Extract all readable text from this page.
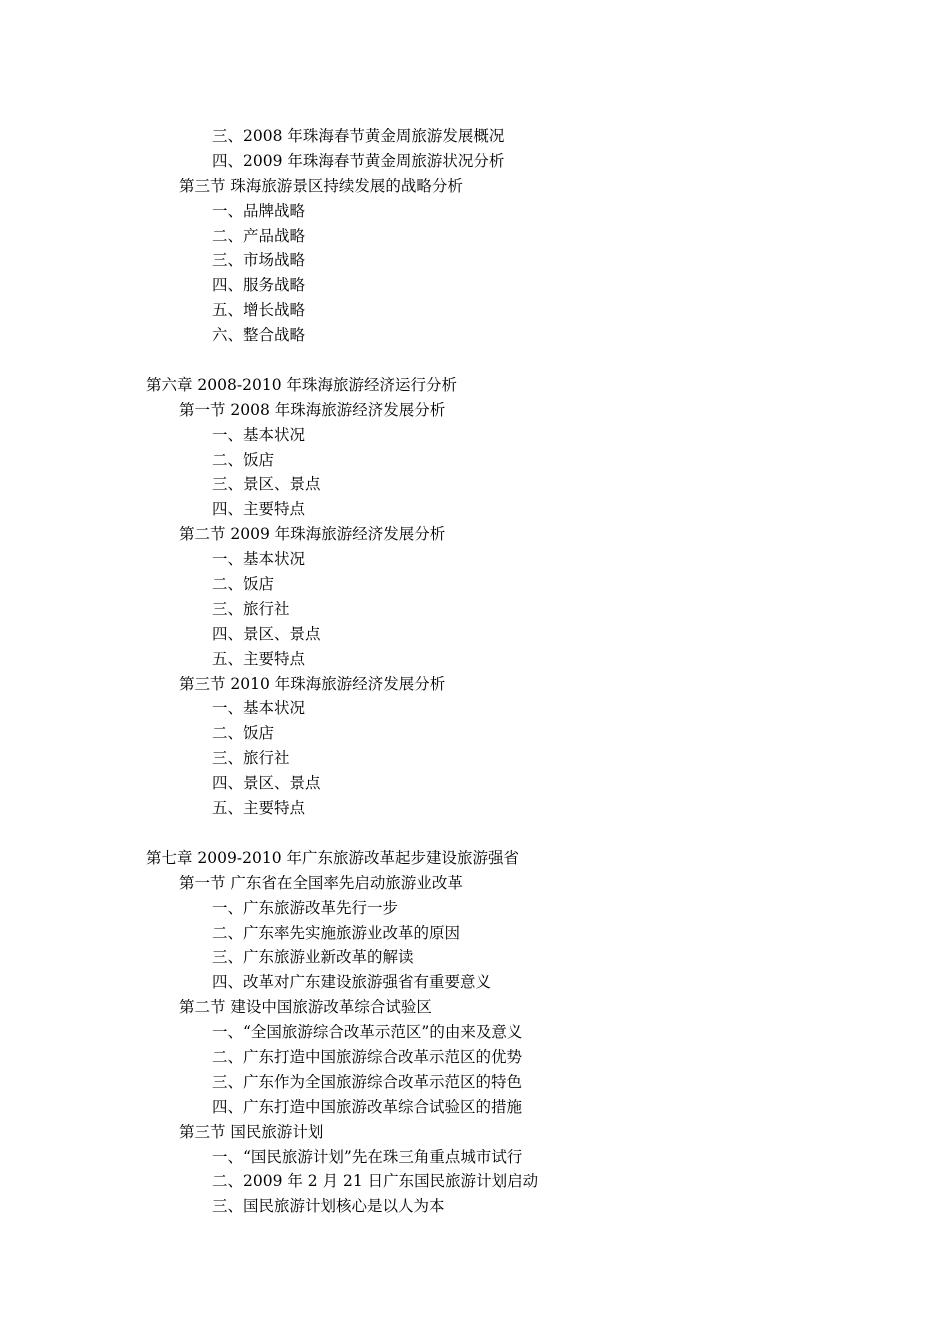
三、2008 年珠海春节黄金周旅游发展概况
四、2009 年珠海春节黄金周旅游状况分析
第三节 珠海旅游景区持续发展的战略分析
一、品牌战略
二、产品战略
三、市场战略
四、服务战略
五、增长战略
六、整合战略
第六章 2008-2010 年珠海旅游经济运行分析
第一节 2008 年珠海旅游经济发展分析
一、基本状况
二、饭店
三、景区、景点
四、主要特点
第二节 2009 年珠海旅游经济发展分析
一、基本状况
二、饭店
三、旅行社
四、景区、景点
五、主要特点
第三节 2010 年珠海旅游经济发展分析
一、基本状况
二、饭店
三、旅行社
四、景区、景点
五、主要特点
第七章 2009-2010 年广东旅游改革起步建设旅游强省
第一节 广东省在全国率先启动旅游业改革
一、广东旅游改革先行一步
二、广东率先实施旅游业改革的原因
三、广东旅游业新改革的解读
四、改革对广东建设旅游强省有重要意义
第二节 建设中国旅游改革综合试验区
一、“全国旅游综合改革示范区”的由来及意义
二、广东打造中国旅游综合改革示范区的优势
三、广东作为全国旅游综合改革示范区的特色
四、广东打造中国旅游改革综合试验区的措施
第三节 国民旅游计划
一、“国民旅游计划”先在珠三角重点城市试行
二、2009 年 2 月 21 日广东国民旅游计划启动
三、国民旅游计划核心是以人为本
